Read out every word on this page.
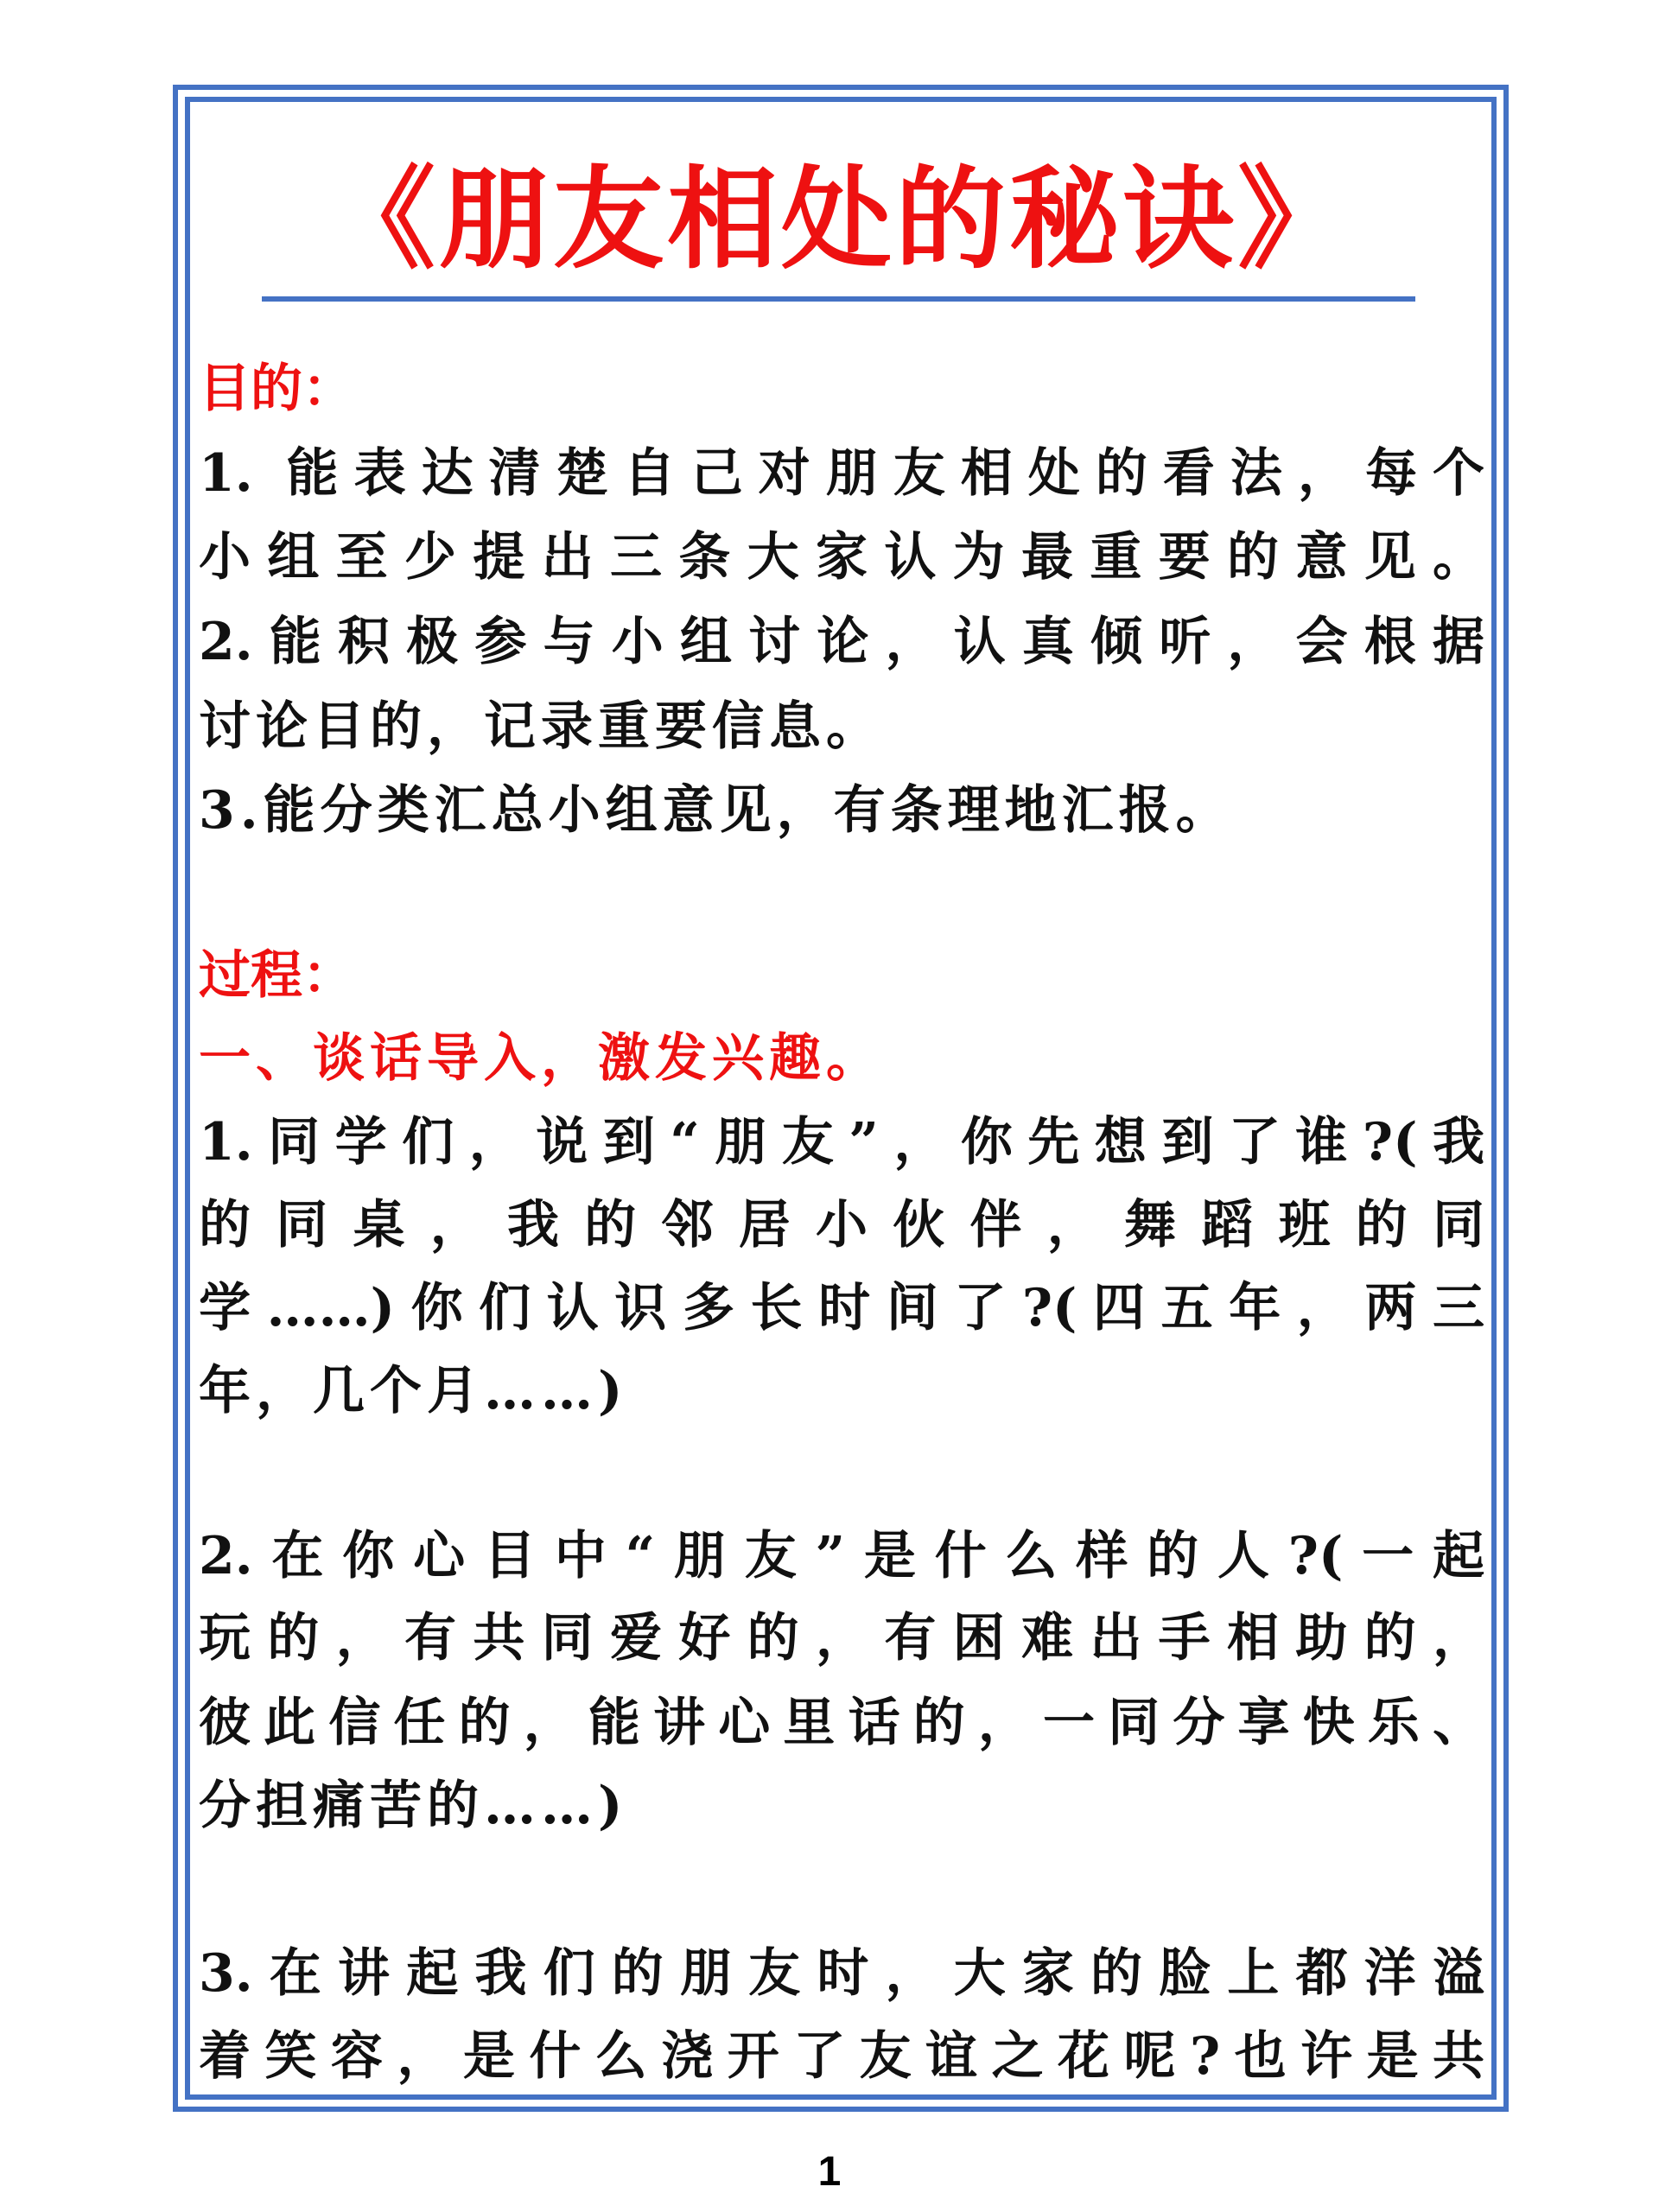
《朋友相处的秘诀》
目的：
1. 能表达清楚自己对朋友相处的看法，每个
小组至少提出三条大家认为最重要的意见。
2.能积极参与小组讨论，认真倾听，会根据
讨论目的，记录重要信息。
3.能分类汇总小组意见，有条理地汇报。
过程：
一、谈话导入，激发兴趣。
1.同学们，说到“朋友”，你先想到了谁?(我
的同桌，我的邻居小伙伴，舞蹈班的同
学……)你们认识多长时间了?(四五年，两三
年，几个月……)
2.在你心目中“朋友”是什么样的人?(一起
玩的，有共同爱好的，有困难出手相助的，
彼此信任的，能讲心里话的，一同分享快乐、
分担痛苦的……)
3.在讲起我们的朋友时，大家的脸上都洋溢
着笑容，是什么浇开了友谊之花呢?也许是共
1
